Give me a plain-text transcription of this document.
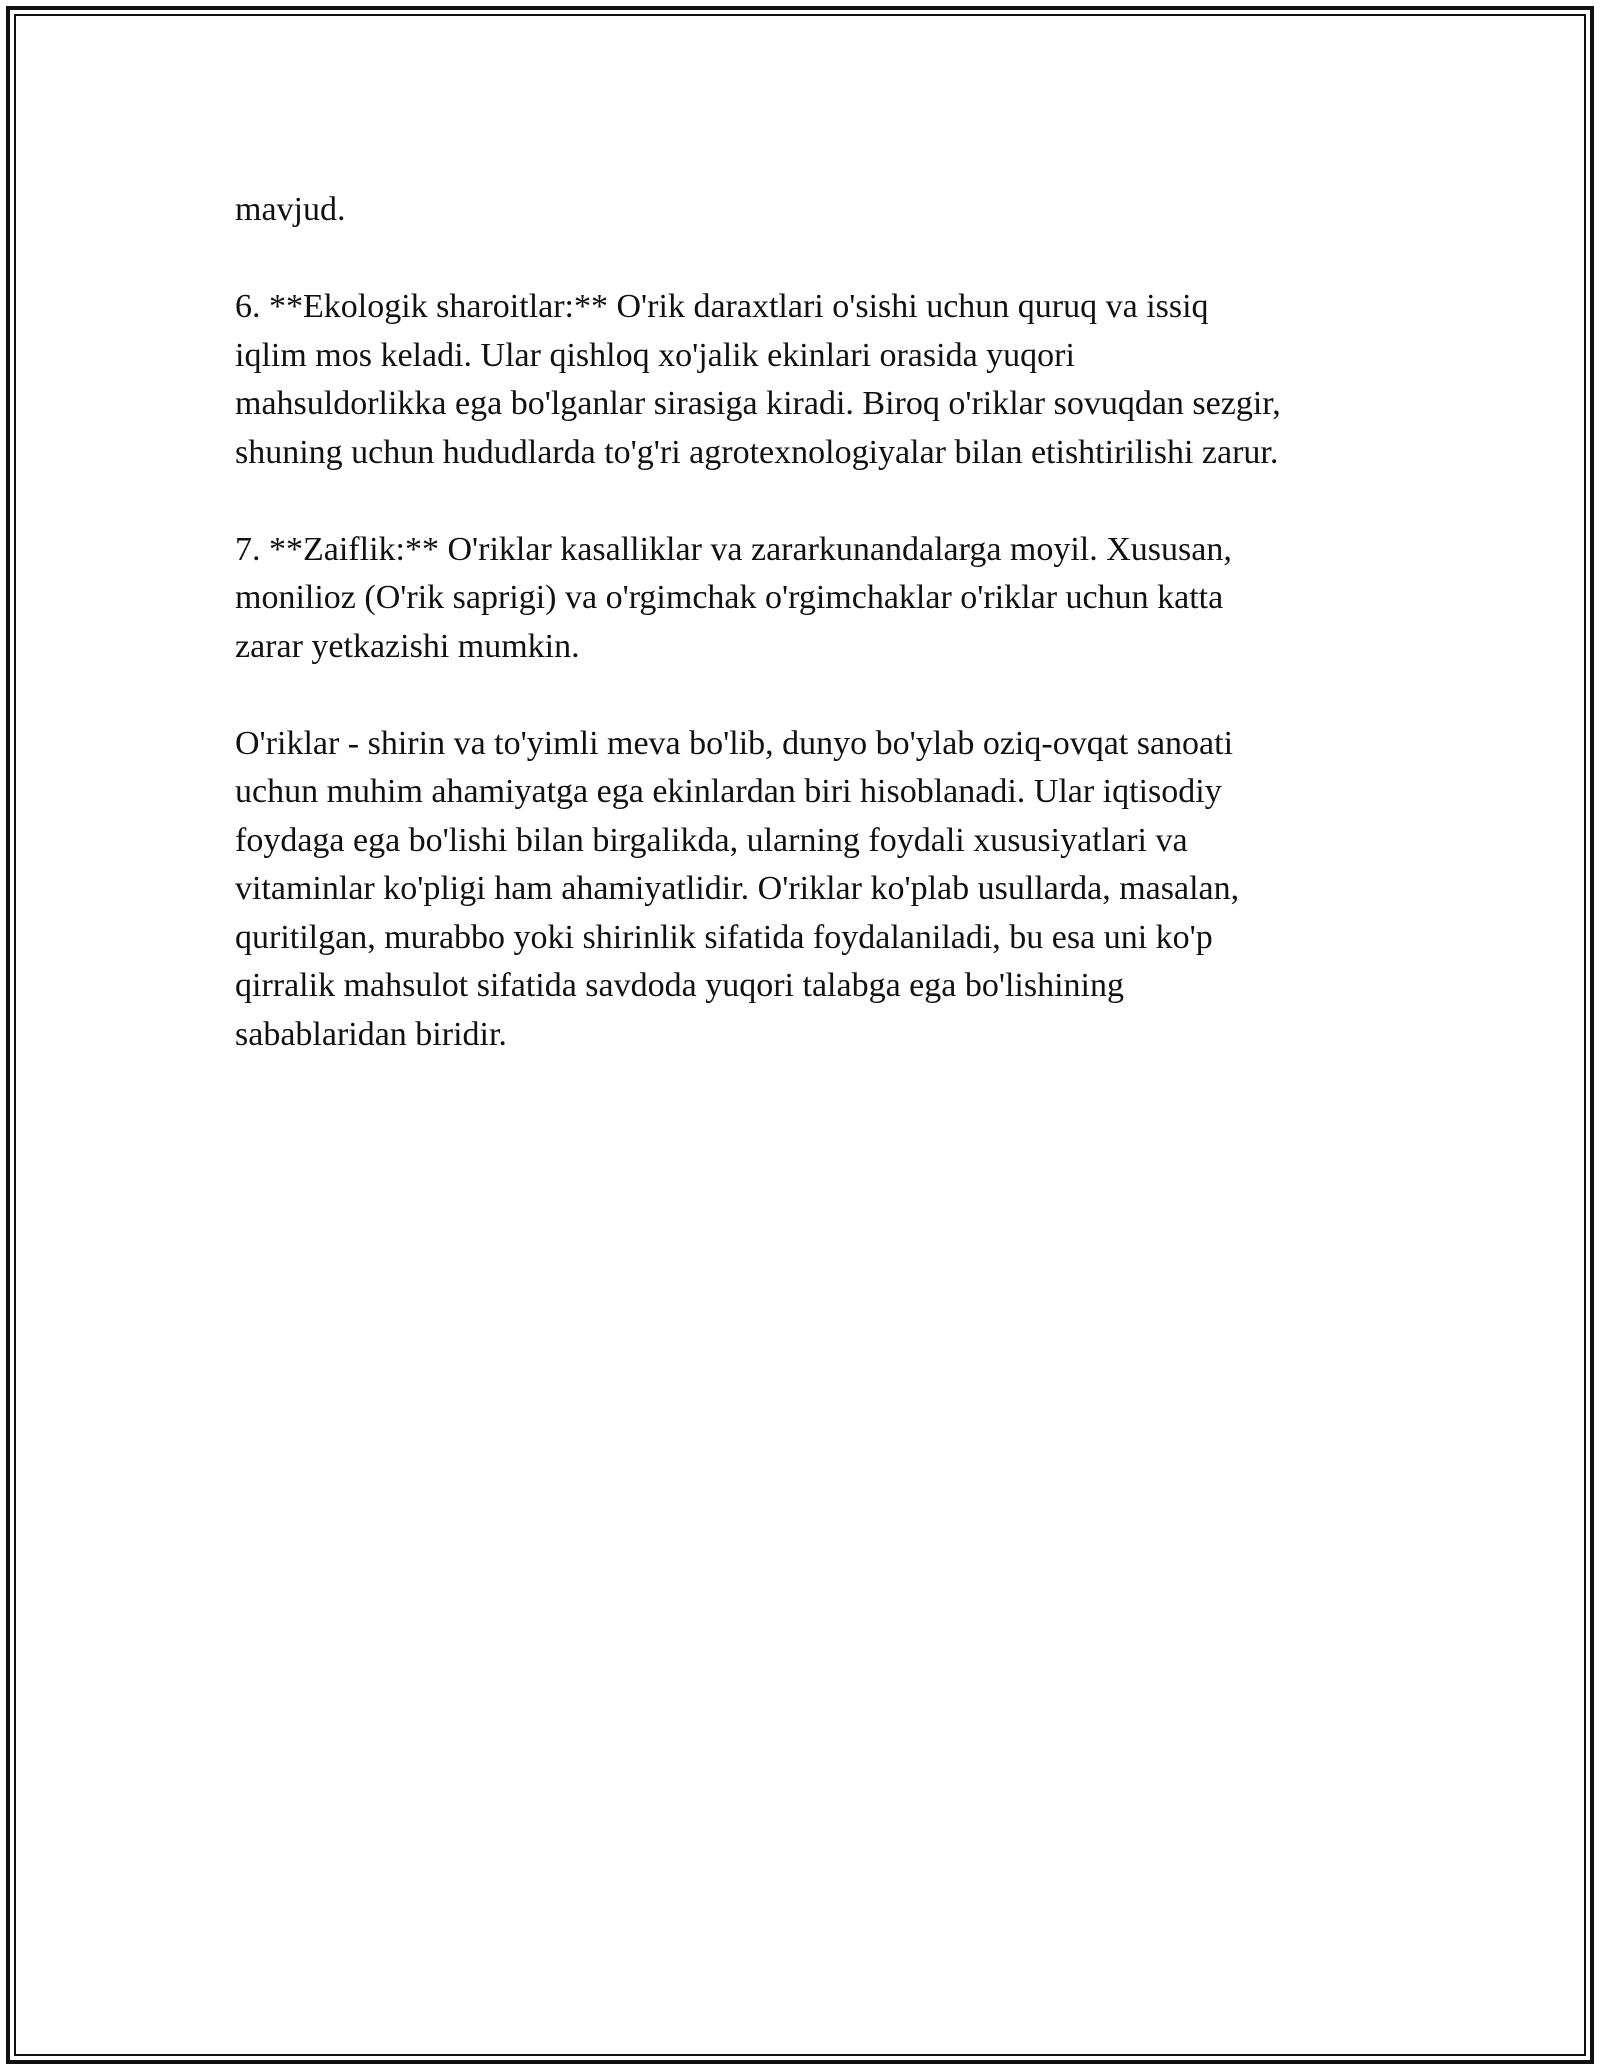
mavjud.

6. **Ekologik sharoitlar:** O'rik daraxtlari o'sishi uchun quruq va issiq
iqlim mos keladi. Ular qishloq xo'jalik ekinlari orasida yuqori
mahsuldorlikka ega bo'lganlar sirasiga kiradi. Biroq o'riklar sovuqdan sezgir,
shuning uchun hududlarda to'g'ri agrotexnologiyalar bilan etishtirilishi zarur.

7. **Zaiflik:** O'riklar kasalliklar va zararkunandalarga moyil. Xususan,
monilioz (O'rik saprigi) va o'rgimchak o'rgimchaklar o'riklar uchun katta
zarar yetkazishi mumkin.

O'riklar - shirin va to'yimli meva bo'lib, dunyo bo'ylab oziq-ovqat sanoati
uchun muhim ahamiyatga ega ekinlardan biri hisoblanadi. Ular iqtisodiy
foydaga ega bo'lishi bilan birgalikda, ularning foydali xususiyatlari va
vitaminlar ko'pligi ham ahamiyatlidir. O'riklar ko'plab usullarda, masalan,
quritilgan, murabbo yoki shirinlik sifatida foydalaniladi, bu esa uni ko'p
qirralik mahsulot sifatida savdoda yuqori talabga ega bo'lishining
sabablaridan biridir.
